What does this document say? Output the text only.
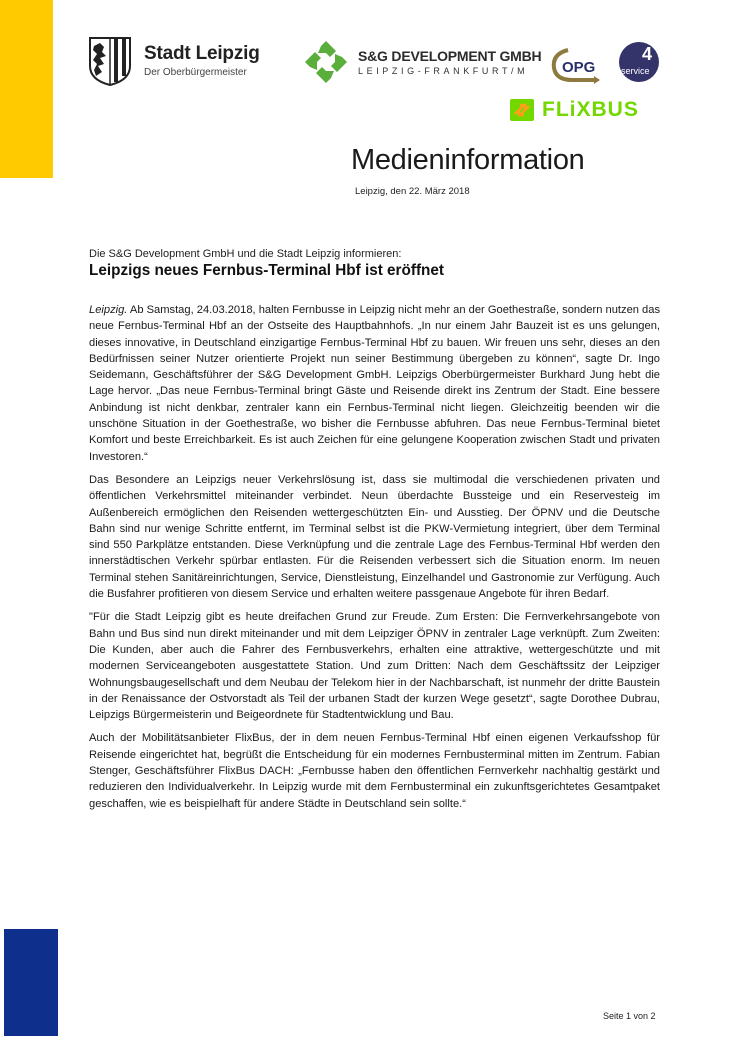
Stadt Leipzig
Der Oberbürgermeister
S&G DEVELOPMENT GMBH
LEIPZIG-FRANKFURT/M	OPG
4
service
FLiXBUS
Medieninformation
Leipzig, den 22. März 2018
Die S&G Development GmbH und die Stadt Leipzig informieren:
Leipzigs neues Fernbus-Terminal Hbf ist eröffnet

Leipzig. Ab Samstag, 24.03.2018, halten Fernbusse in Leipzig nicht mehr an der Goethestraße, sondern nutzen das neue Fernbus-Terminal Hbf an der Ostseite des Hauptbahnhofs. „In nur einem Jahr Bauzeit ist es uns gelungen, dieses innovative, in Deutschland einzigartige Fernbus-Terminal Hbf zu bauen. Wir freuen uns sehr, dieses an den Bedürfnissen seiner Nutzer orientierte Projekt nun seiner Bestimmung übergeben zu können“, sagte Dr. Ingo Seidemann, Geschäftsführer der S&G Development GmbH. Leipzigs Oberbürgermeister Burkhard Jung hebt die Lage hervor. „Das neue Fernbus-Terminal bringt Gäste und Reisende direkt ins Zentrum der Stadt. Eine bessere Anbindung ist nicht denkbar, zentraler kann ein Fernbus-Terminal nicht liegen. Gleichzeitig beenden wir die unschöne Situation in der Goethestraße, wo bisher die Fernbusse abfuhren. Das neue Fernbus-Terminal bietet Komfort und beste Erreichbarkeit. Es ist auch Zeichen für eine gelungene Kooperation zwischen Stadt und privaten Investoren.“

Das Besondere an Leipzigs neuer Verkehrslösung ist, dass sie multimodal die verschiedenen privaten und öffentlichen Verkehrsmittel miteinander verbindet. Neun überdachte Bussteige und ein Reservesteig im Außenbereich ermöglichen den Reisenden wettergeschützten Ein- und Ausstieg. Der ÖPNV und die Deutsche Bahn sind nur wenige Schritte entfernt, im Terminal selbst ist die PKW-Vermietung integriert, über dem Terminal sind 550 Parkplätze entstanden. Diese Verknüpfung und die zentrale Lage des Fernbus-Terminal Hbf werden den innerstädtischen Verkehr spürbar entlasten. Für die Reisenden verbessert sich die Situation enorm. Im neuen Terminal stehen Sanitäreinrichtungen, Service, Dienstleistung, Einzelhandel und Gastronomie zur Verfügung. Auch die Busfahrer profitieren von diesem Service und erhalten weitere passgenaue Angebote für ihren Bedarf.

"Für die Stadt Leipzig gibt es heute dreifachen Grund zur Freude. Zum Ersten: Die Fernverkehrsangebote von Bahn und Bus sind nun direkt miteinander und mit dem Leipziger ÖPNV in zentraler Lage verknüpft. Zum Zweiten: Die Kunden, aber auch die Fahrer des Fernbusverkehrs, erhalten eine attraktive, wettergeschützte und mit modernen Serviceangeboten ausgestattete Station. Und zum Dritten: Nach dem Geschäftssitz der Leipziger Wohnungsbaugesellschaft und dem Neubau der Telekom hier in der Nachbarschaft, ist nunmehr der dritte Baustein in der Renaissance der Ostvorstadt als Teil der urbanen Stadt der kurzen Wege gesetzt“, sagte Dorothee Dubrau, Leipzigs Bürgermeisterin und Beigeordnete für Stadtentwicklung und Bau.

Auch der Mobilitätsanbieter FlixBus, der in dem neuen Fernbus-Terminal Hbf einen eigenen Verkaufsshop für Reisende eingerichtet hat, begrüßt die Entscheidung für ein modernes Fernbusterminal mitten im Zentrum. Fabian Stenger, Geschäftsführer FlixBus DACH: „Fernbusse haben den öffentlichen Fernverkehr nachhaltig gestärkt und reduzieren den Individualverkehr. In Leipzig wurde mit dem Fernbusterminal ein zukunftsgerichtetes Gesamtpaket geschaffen, wie es beispielhaft für andere Städte in Deutschland sein sollte.“

Seite 1 von 2
